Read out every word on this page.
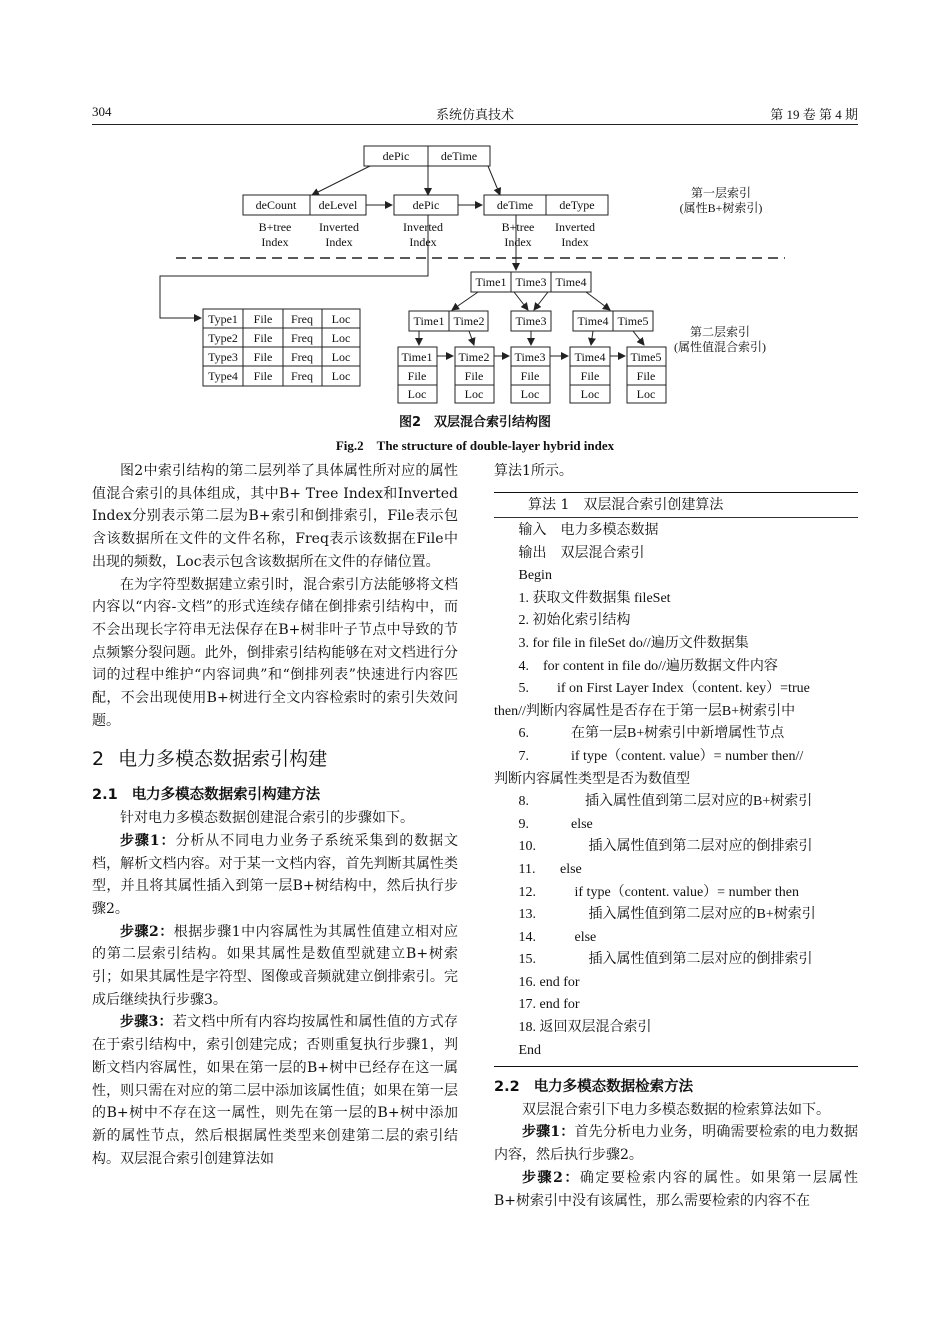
304	系统仿真技术	第 19 卷 第 4 期
dePic	deTime
deCount deLevel	dePic	deTime deType
B+tree
Index
Inverted
Index
Inverted
Index
B+tree
Index
Inverted
Index
第一层索引
(属性B+树索引)
第二层索引
(属性值混合索引)
Type1 File Freq Loc
Type2 File Freq Loc
Type3 File Freq Loc
Type4 File Freq Loc
Time1 Time3 Time4
Time1 Time2	Time3	Time4 Time5
Time1
File
Loc
Time2
File
Loc
Time3
File
Loc
Time4
File
Loc
Time5
File
Loc
图2　双层混合索引结构图
Fig.2　The structure of double-layer hybrid index

图2中索引结构的第二层列举了具体属性所对应的属性值混合索引的具体组成，其中B+ Tree Index和Inverted Index分别表示第二层为B+索引和倒排索引，File表示包含该数据所在文件的文件名称，Freq表示该数据在File中出现的频数，Loc表示包含该数据所在文件的存储位置。

在为字符型数据建立索引时，混合索引方法能够将文档内容以“内容-文档”的形式连续存储在倒排索引结构中，而不会出现长字符串无法保存在B+树非叶子节点中导致的节点频繁分裂问题。此外，倒排索引结构能够在对文档进行分词的过程中维护“内容词典”和“倒排列表”快速进行内容匹配，不会出现使用B+树进行全文内容检索时的索引失效问题。

2 电力多模态数据索引构建
2.1 电力多模态数据索引构建方法

针对电力多模态数据创建混合索引的步骤如下。

步骤1：分析从不同电力业务子系统采集到的数据文档，解析文档内容。对于某一文档内容，首先判断其属性类型，并且将其属性插入到第一层B+树结构中，然后执行步骤2。

步骤2：根据步骤1中内容属性为其属性值建立相对应的第二层索引结构。如果其属性是数值型就建立B+树索引；如果其属性是字符型、图像或音频就建立倒排索引。完成后继续执行步骤3。

步骤3：若文档中所有内容均按属性和属性值的方式存在于索引结构中，索引创建完成；否则重复执行步骤1，判断文档内容属性，如果在第一层的B+树中已经存在这一属性，则只需在对应的第二层中添加该属性值；如果在第一层的B+树中不存在这一属性，则先在第一层的B+树中添加新的属性节点，然后根据属性类型来创建第二层的索引结构。双层混合索引创建算法如

算法1所示。

算法 1　双层混合索引创建算法
输入　电力多模态数据
输出　双层混合索引
Begin
1. 获取文件数据集 fileSet
2. 初始化索引结构
3. for file in fileSet do//遍历文件数据集
4.    for content in file do//遍历数据文件内容
5.        if on First Layer Index（content. key）=true
then//判断内容属性是否存在于第一层B+树索引中
6.            在第一层B+树索引中新增属性节点
7.            if type（content. value）= number then//
判断内容属性类型是否为数值型
8.                插入属性值到第二层对应的B+树索引
9.            else
10.               插入属性值到第二层对应的倒排索引
11.       else
12.           if type（content. value）= number then
13.               插入属性值到第二层对应的B+树索引
14.           else
15.               插入属性值到第二层对应的倒排索引
16. end for
17. end for
18. 返回双层混合索引
End
2.2 电力多模态数据检索方法

双层混合索引下电力多模态数据的检索算法如下。

步骤1：首先分析电力业务，明确需要检索的电力数据内容，然后执行步骤2。

步骤2：确定要检索内容的属性。如果第一层属性B+树索引中没有该属性，那么需要检索的内容不在
